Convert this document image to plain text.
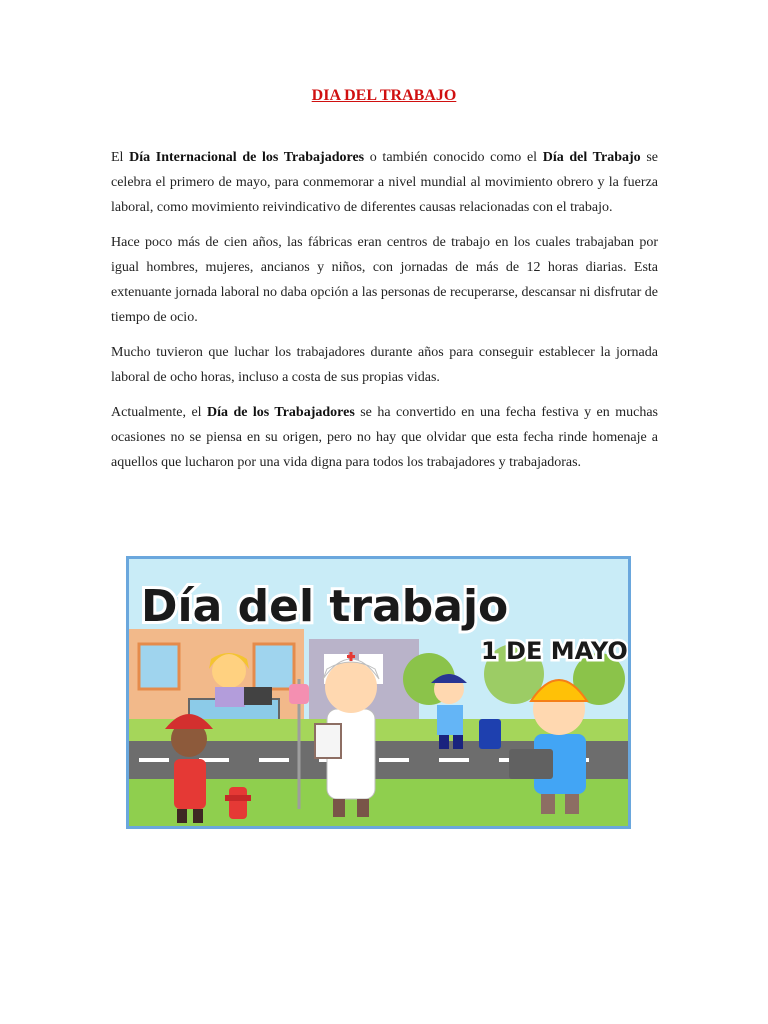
DIA DEL TRABAJO

El Día Internacional de los Trabajadores o también conocido como el Día del Trabajo se celebra el primero de mayo, para conmemorar a nivel mundial al movimiento obrero y la fuerza laboral, como movimiento reivindicativo de diferentes causas relacionadas con el trabajo.

Hace poco más de cien años, las fábricas eran centros de trabajo en los cuales trabajaban por igual hombres, mujeres, ancianos y niños, con jornadas de más de 12 horas diarias. Esta extenuante jornada laboral no daba opción a las personas de recuperarse, descansar ni disfrutar de tiempo de ocio.

Mucho tuvieron que luchar los trabajadores durante años para conseguir establecer la jornada laboral de ocho horas, incluso a costa de sus propias vidas.

Actualmente, el Día de los Trabajadores se ha convertido en una fecha festiva y en muchas ocasiones no se piensa en su origen, pero no hay que olvidar que esta fecha rinde homenaje a aquellos que lucharon por una vida digna para todos los trabajadores y trabajadoras.

Día del trabajo
1 DE MAYO
